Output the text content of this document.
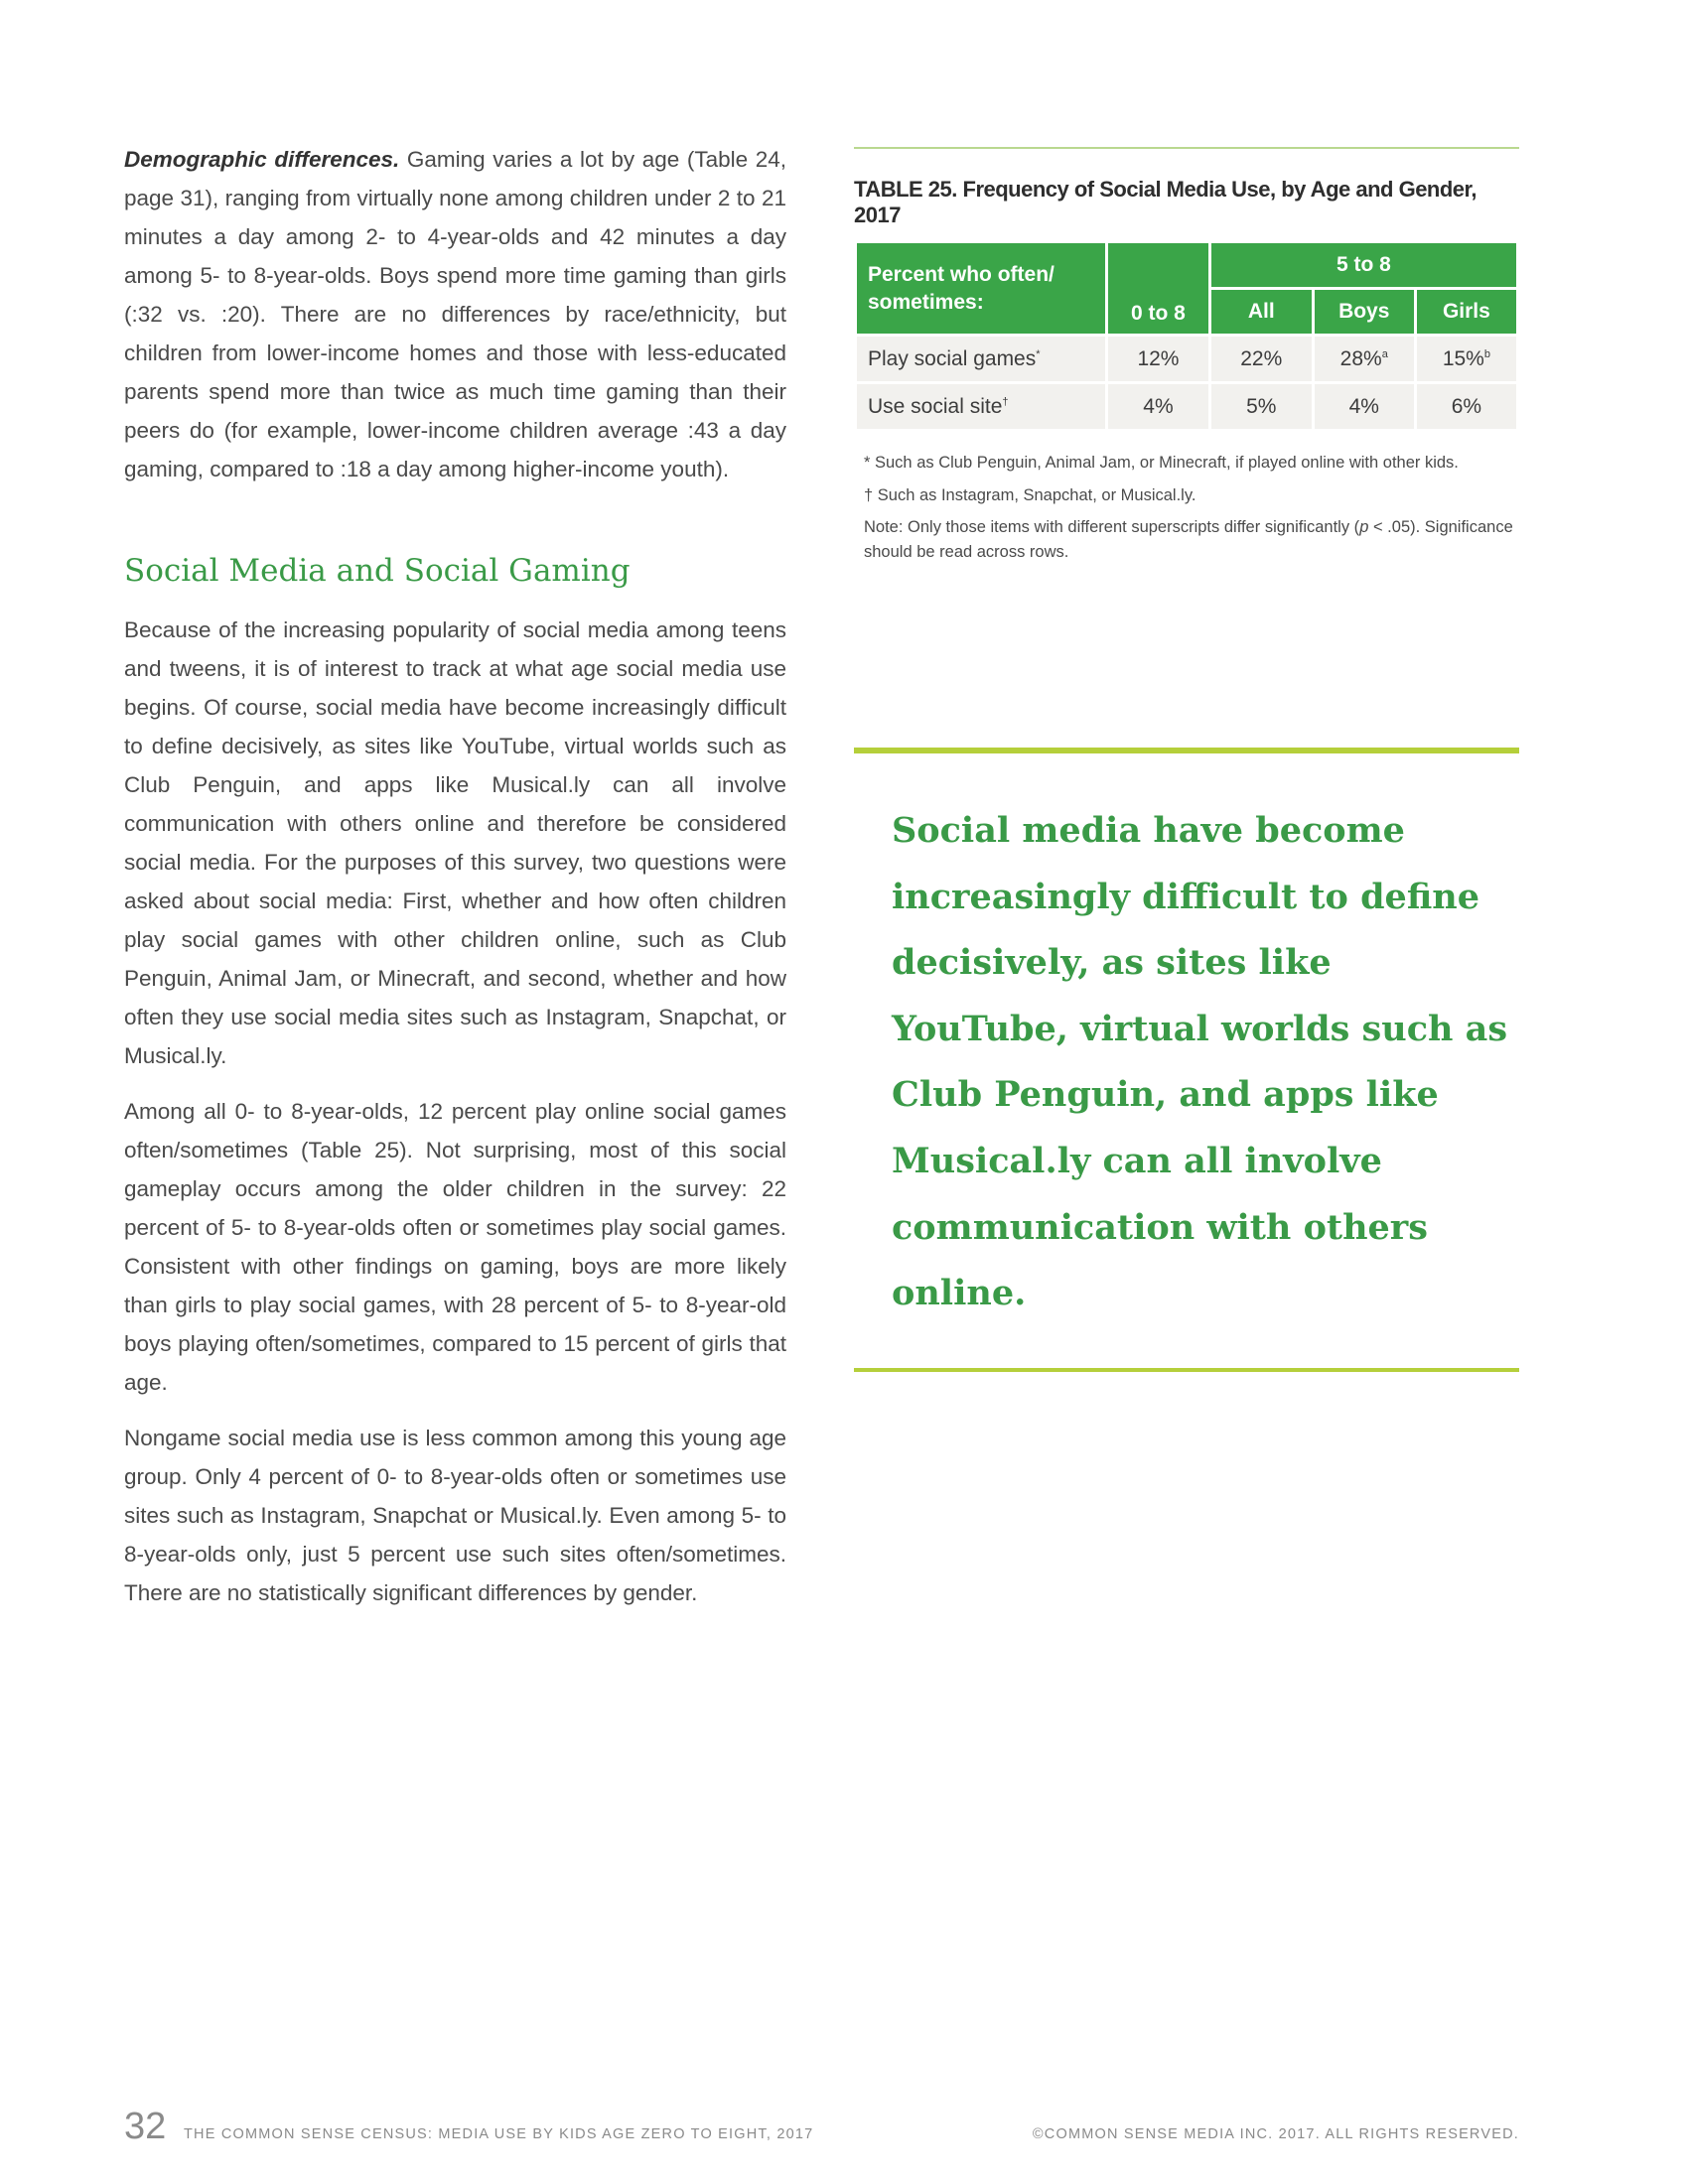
Demographic differences. Gaming varies a lot by age (Table 24, page 31), ranging from virtually none among children under 2 to 21 minutes a day among 2- to 4-year-olds and 42 minutes a day among 5- to 8-year-olds. Boys spend more time gaming than girls (:32 vs. :20). There are no differences by race/ethnicity, but children from lower-income homes and those with less-educated parents spend more than twice as much time gaming than their peers do (for example, lower-income children average :43 a day gaming, compared to :18 a day among higher-income youth).

Social Media and Social Gaming

Because of the increasing popularity of social media among teens and tweens, it is of interest to track at what age social media use begins. Of course, social media have become increasingly difficult to define decisively, as sites like YouTube, virtual worlds such as Club Penguin, and apps like Musical.ly can all involve communication with others online and therefore be considered social media. For the purposes of this survey, two questions were asked about social media: First, whether and how often children play social games with other children online, such as Club Penguin, Animal Jam, or Minecraft, and second, whether and how often they use social media sites such as Instagram, Snapchat, or Musical.ly.

Among all 0- to 8-year-olds, 12 percent play online social games often/sometimes (Table 25). Not surprising, most of this social gameplay occurs among the older children in the survey: 22 percent of 5- to 8-year-olds often or sometimes play social games. Consistent with other findings on gaming, boys are more likely than girls to play social games, with 28 percent of 5- to 8-year-old boys playing often/sometimes, compared to 15 percent of girls that age.

Nongame social media use is less common among this young age group. Only 4 percent of 0- to 8-year-olds often or sometimes use sites such as Instagram, Snapchat or Musical.ly. Even among 5- to 8-year-olds only, just 5 percent use such sites often/sometimes. There are no statistically significant differences by gender.

TABLE 25. Frequency of Social Media Use, by Age and Gender, 2017
Percent who often/ sometimes:	0 to 8	5 to 8		
		All	Boys	Girls
Play social games*	12%	22%	28%$^a$	15%$^b$
Use social site†	4%	5%	4%	6%

* Such as Club Penguin, Animal Jam, or Minecraft, if played online with other kids.

† Such as Instagram, Snapchat, or Musical.ly.

Note: Only those items with different superscripts differ significantly (p < .05). Significance should be read across rows.

Social media have become increasingly difficult to define decisively, as sites like YouTube, virtual worlds such as Club Penguin, and apps like Musical.ly can all involve communication with others online.

32 THE COMMON SENSE CENSUS: MEDIA USE BY KIDS AGE ZERO TO EIGHT, 2017	©COMMON SENSE MEDIA INC. 2017. ALL RIGHTS RESERVED.
